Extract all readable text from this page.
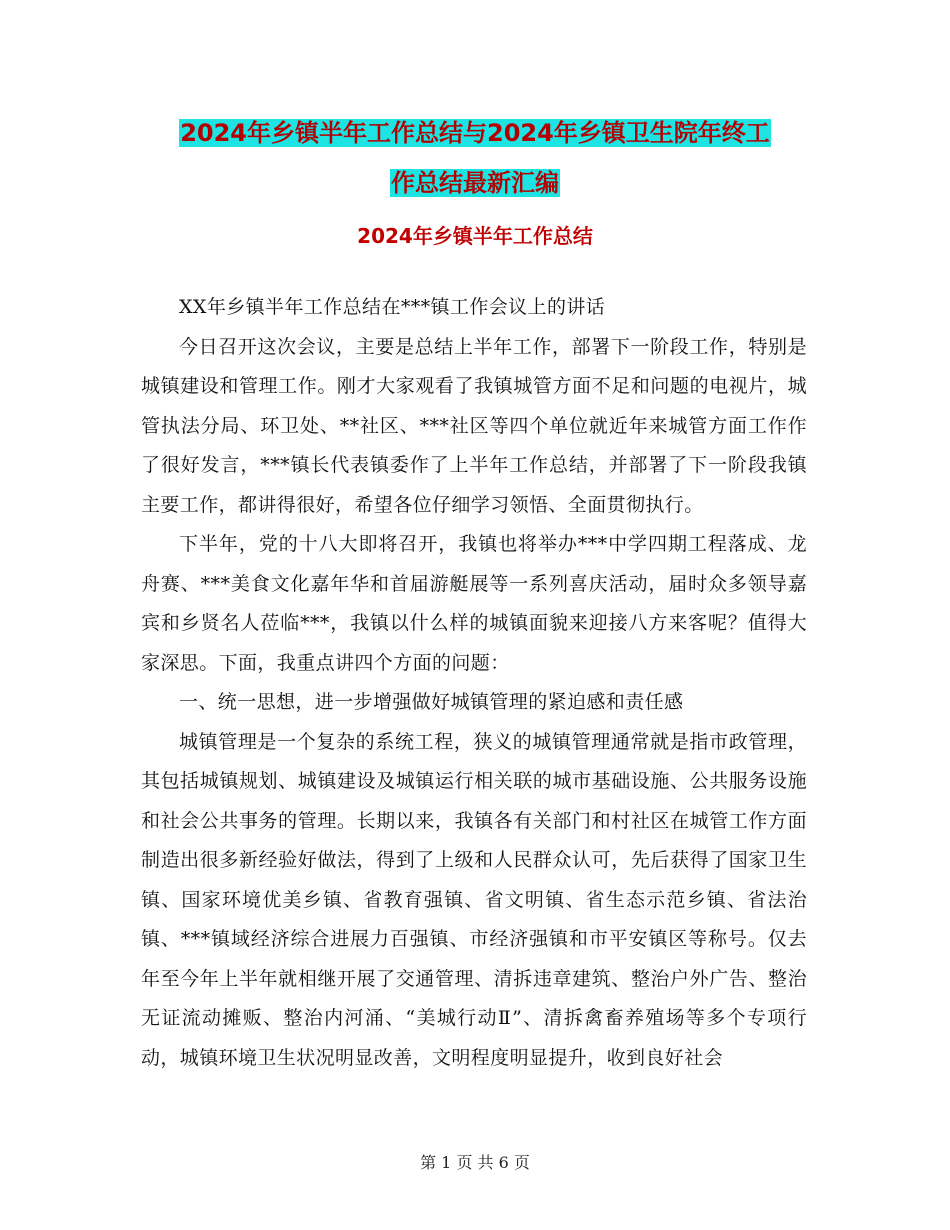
2024年乡镇半年工作总结与2024年乡镇卫生院年终工
作总结最新汇编
2024年乡镇半年工作总结

XX年乡镇半年工作总结在***镇工作会议上的讲话

今日召开这次会议，主要是总结上半年工作，部署下一阶段工作，特别是城镇建设和管理工作。刚才大家观看了我镇城管方面不足和问题的电视片，城管执法分局、环卫处、**社区、***社区等四个单位就近年来城管方面工作作了很好发言，***镇长代表镇委作了上半年工作总结，并部署了下一阶段我镇主要工作，都讲得很好，希望各位仔细学习领悟、全面贯彻执行。

下半年，党的十八大即将召开，我镇也将举办***中学四期工程落成、龙舟赛、***美食文化嘉年华和首届游艇展等一系列喜庆活动，届时众多领导嘉宾和乡贤名人莅临***，我镇以什么样的城镇面貌来迎接八方来客呢？值得大家深思。下面，我重点讲四个方面的问题：

一、统一思想，进一步增强做好城镇管理的紧迫感和责任感

城镇管理是一个复杂的系统工程，狭义的城镇管理通常就是指市政管理，其包括城镇规划、城镇建设及城镇运行相关联的城市基础设施、公共服务设施和社会公共事务的管理。长期以来，我镇各有关部门和村社区在城管工作方面制造出很多新经验好做法，得到了上级和人民群众认可，先后获得了国家卫生镇、国家环境优美乡镇、省教育强镇、省文明镇、省生态示范乡镇、省法治镇、***镇域经济综合进展力百强镇、市经济强镇和市平安镇区等称号。仅去年至今年上半年就相继开展了交通管理、清拆违章建筑、整治户外广告、整治无证流动摊贩、整治内河涌、“美城行动Ⅱ”、清拆禽畜养殖场等多个专项行动，城镇环境卫生状况明显改善，文明程度明显提升，收到良好社会

第 1 页 共 6 页
